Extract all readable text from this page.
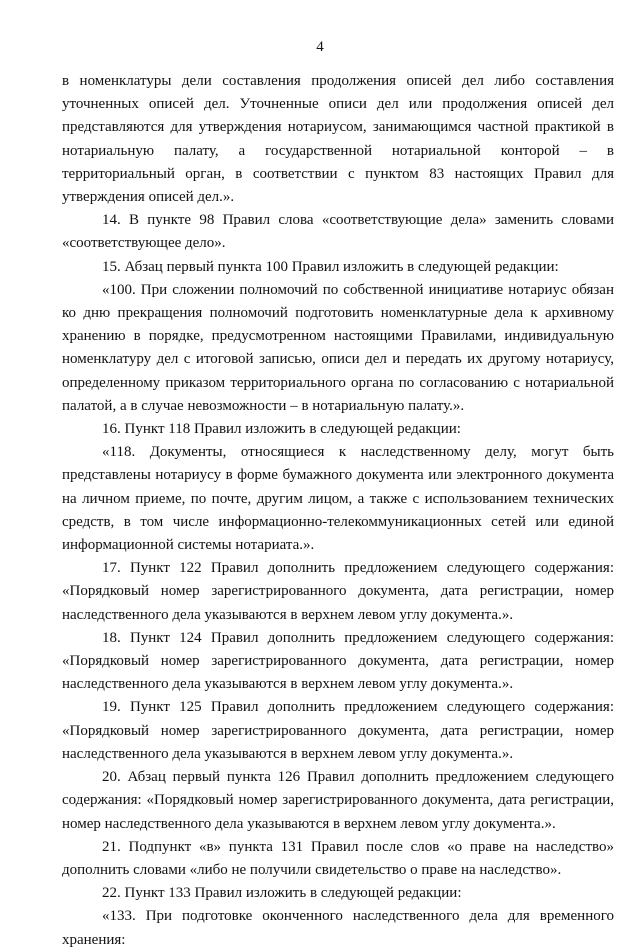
4

в номенклатуры дели составления продолжения описей дел либо составления уточненных описей дел. Уточненные описи дел или продолжения описей дел представляются для утверждения нотариусом, занимающимся частной практикой в нотариальную палату, а государственной нотариальной конторой – в территориальный орган, в соответствии с пунктом 83 настоящих Правил для утверждения описей дел.».

14. В пункте 98 Правил слова «соответствующие дела» заменить словами «соответствующее дело».

15. Абзац первый пункта 100 Правил изложить в следующей редакции:

«100. При сложении полномочий по собственной инициативе нотариус обязан ко дню прекращения полномочий подготовить номенклатурные дела к архивному хранению в порядке, предусмотренном настоящими Правилами, индивидуальную номенклатуру дел с итоговой записью, описи дел и передать их другому нотариусу, определенному приказом территориального органа по согласованию с нотариальной палатой, а в случае невозможности – в нотариальную палату.».

16. Пункт 118 Правил изложить в следующей редакции:

«118. Документы, относящиеся к наследственному делу, могут быть представлены нотариусу в форме бумажного документа или электронного документа на личном приеме, по почте, другим лицом, а также с использованием технических средств, в том числе информационно-телекоммуникационных сетей или единой информационной системы нотариата.».

17. Пункт 122 Правил дополнить предложением следующего содержания: «Порядковый номер зарегистрированного документа, дата регистрации, номер наследственного дела указываются в верхнем левом углу документа.».

18. Пункт 124 Правил дополнить предложением следующего содержания: «Порядковый номер зарегистрированного документа, дата регистрации, номер наследственного дела указываются в верхнем левом углу документа.».

19. Пункт 125 Правил дополнить предложением следующего содержания: «Порядковый номер зарегистрированного документа, дата регистрации, номер наследственного дела указываются в верхнем левом углу документа.».

20. Абзац первый пункта 126 Правил дополнить предложением следующего содержания: «Порядковый номер зарегистрированного документа, дата регистрации, номер наследственного дела указываются в верхнем левом углу документа.».

21. Подпункт «в» пункта 131 Правил после слов «о праве на наследство» дополнить словами «либо не получили свидетельство о праве на наследство».

22. Пункт 133 Правил изложить в следующей редакции:

«133. При подготовке оконченного наследственного дела для временного хранения:
